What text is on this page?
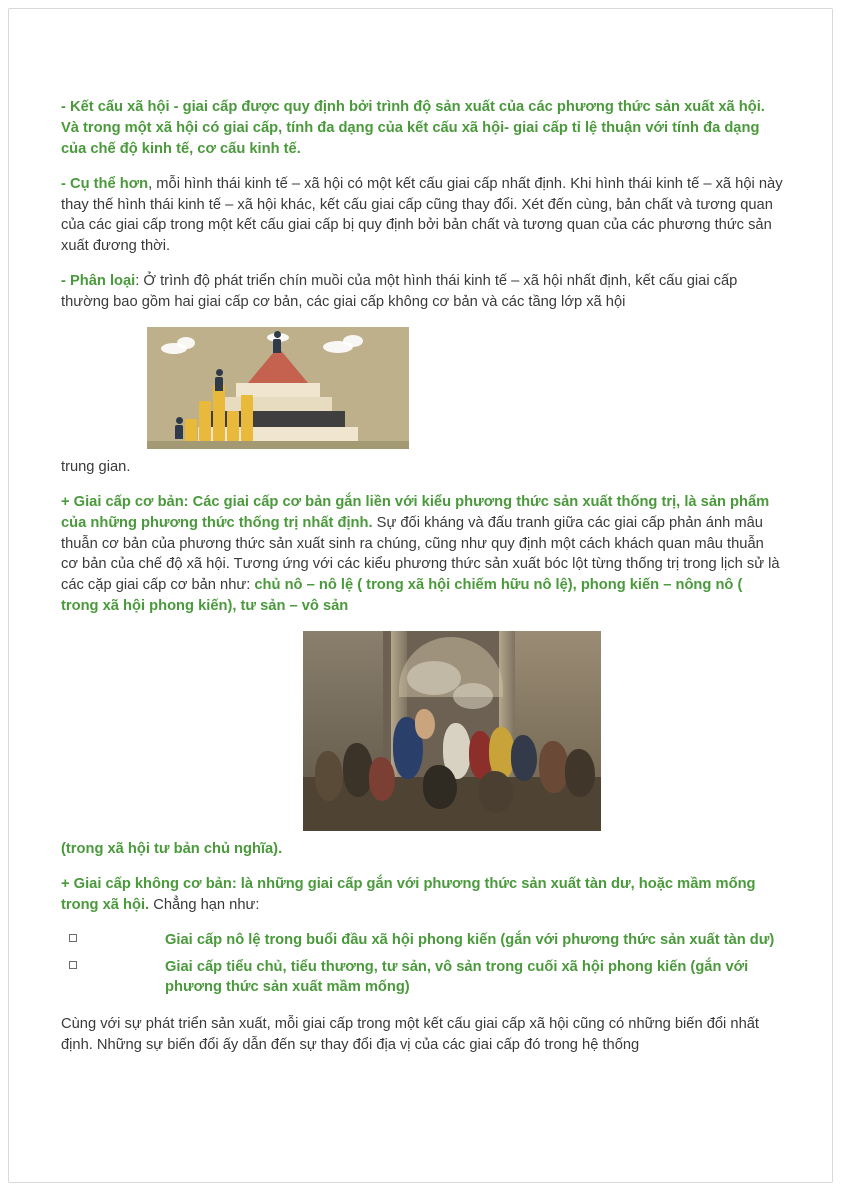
- Kết cấu xã hội - giai cấp được quy định bởi trình độ sản xuất của các phương thức sản xuất xã hội. Và trong một xã hội có giai cấp, tính đa dạng của kết cấu xã hội- giai cấp tỉ lệ thuận với tính đa dạng của chế độ kinh tế, cơ cấu kinh tế.

- Cụ thể hơn, mỗi hình thái kinh tế – xã hội có một kết cấu giai cấp nhất định. Khi hình thái kinh tế – xã hội này thay thế hình thái kinh tế – xã hội khác, kết cấu giai cấp cũng thay đổi. Xét đến cùng, bản chất và tương quan của các giai cấp trong một kết cấu giai cấp bị quy định bởi bản chất và tương quan của các phương thức sản xuất đương thời.

- Phân loại: Ở trình độ phát triển chín muồi của một hình thái kinh tế – xã hội nhất định, kết cấu giai cấp thường bao gồm hai giai cấp cơ bản, các giai cấp không cơ bản và các tầng lớp xã hội

trung gian.

+ Giai cấp cơ bản: Các giai cấp cơ bản gắn liền với kiểu phương thức sản xuất thống trị, là sản phẩm của những phương thức thống trị nhất định. Sự đối kháng và đấu tranh giữa các giai cấp phản ánh mâu thuẫn cơ bản của phương thức sản xuất sinh ra chúng, cũng như quy định một cách khách quan mâu thuẫn cơ bản của chế độ xã hội. Tương ứng với các kiểu phương thức sản xuất bóc lột từng thống trị trong lịch sử là các cặp giai cấp cơ bản như: chủ nô – nô lệ ( trong xã hội chiếm hữu nô lệ), phong kiến – nông nô ( trong xã hội phong kiến), tư sản – vô sản

(trong xã hội tư bản chủ nghĩa).

+ Giai cấp không cơ bản: là những giai cấp gắn với phương thức sản xuất tàn dư, hoặc mầm mống trong xã hội. Chẳng hạn như:

Giai cấp nô lệ trong buổi đầu xã hội phong kiến (gắn với phương thức sản xuất tàn dư)
Giai cấp tiểu chủ, tiểu thương, tư sản, vô sản trong cuối xã hội phong kiến (gắn với phương thức sản xuất mầm mống)

Cùng với sự phát triển sản xuất, mỗi giai cấp trong một kết cấu giai cấp xã hội cũng có những biến đổi nhất định. Những sự biến đổi ấy dẫn đến sự thay đổi địa vị của các giai cấp đó trong hệ thống
